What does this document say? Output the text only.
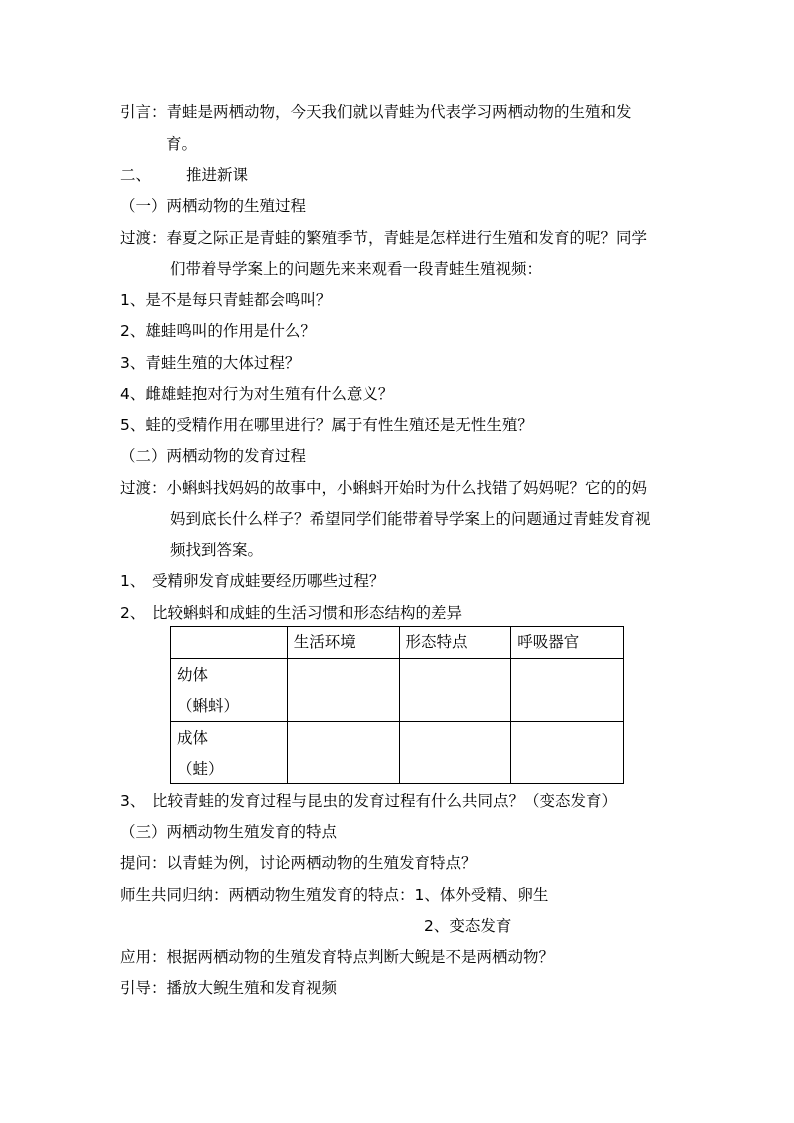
引言：青蛙是两栖动物，今天我们就以青蛙为代表学习两栖动物的生殖和发
育。
二、 推进新课
（一）两栖动物的生殖过程
过渡：春夏之际正是青蛙的繁殖季节，青蛙是怎样进行生殖和发育的呢？同学
们带着导学案上的问题先来来观看一段青蛙生殖视频：
1、是不是每只青蛙都会鸣叫？
2、雄蛙鸣叫的作用是什么？
3、青蛙生殖的大体过程？
4、雌雄蛙抱对行为对生殖有什么意义？
5、蛙的受精作用在哪里进行？属于有性生殖还是无性生殖？
（二）两栖动物的发育过程
过渡：小蝌蚪找妈妈的故事中，小蝌蚪开始时为什么找错了妈妈呢？它的的妈
妈到底长什么样子？希望同学们能带着导学案上的问题通过青蛙发育视
频找到答案。
1、 受精卵发育成蛙要经历哪些过程？
2、 比较蝌蚪和成蛙的生活习惯和形态结构的差异

	生活环境	形态特点	呼吸器官

幼体
（蝌蚪）			

成体
（蛙）			

3、 比较青蛙的发育过程与昆虫的发育过程有什么共同点？（变态发育）
（三）两栖动物生殖发育的特点
提问：以青蛙为例，讨论两栖动物的生殖发育特点？
师生共同归纳：两栖动物生殖发育的特点：1、体外受精、卵生
2、变态发育
应用：根据两栖动物的生殖发育特点判断大鲵是不是两栖动物？
引导：播放大鲵生殖和发育视频
